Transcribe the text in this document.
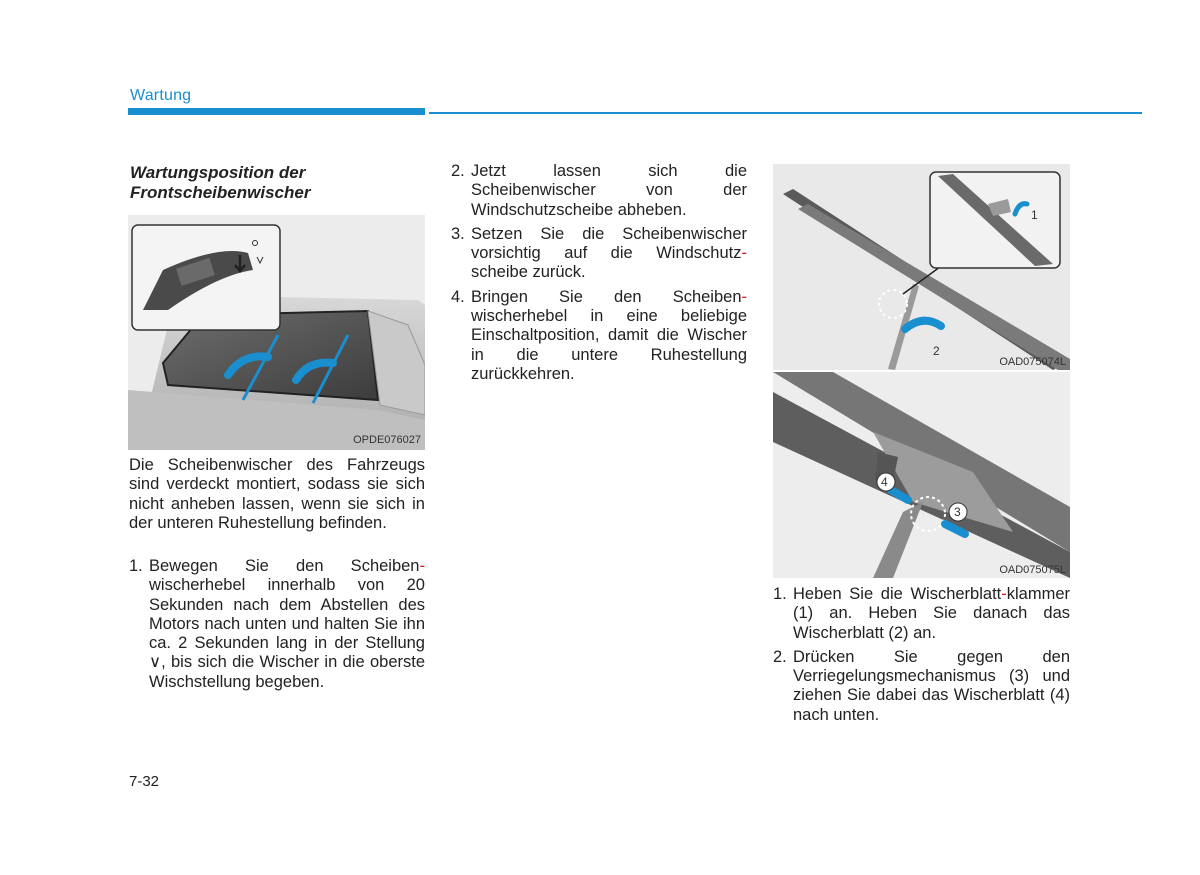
Wartung
Wartungsposition der
Frontscheibenwischer
OPDE076027
Die Scheibenwischer des Fahrzeugs sind verdeckt montiert, sodass sie sich nicht anheben lassen, wenn sie sich in der unteren Ruhestellung befinden.
1. Bewegen Sie den Scheiben-wischerhebel innerhalb von 20 Sekunden nach dem Abstellen des Motors nach unten und halten Sie ihn ca. 2 Sekunden lang in der Stellung ∨, bis sich die Wischer in die oberste Wischstellung begeben.
2. Jetzt lassen sich die Scheibenwischer von der Windschutzscheibe abheben.
3. Setzen Sie die Scheibenwischer vorsichtig auf die Windschutz-scheibe zurück.
4. Bringen Sie den Scheiben-wischerhebel in eine beliebige Einschaltposition, damit die Wischer in die untere Ruhestellung zurückkehren.
1
2
OAD075074L
4
3
OAD075075L
1. Heben Sie die Wischerblatt-klammer (1) an. Heben Sie danach das Wischerblatt (2) an.
2. Drücken Sie gegen den Verriegelungsmechanismus (3) und ziehen Sie dabei das Wischerblatt (4) nach unten.
7-32
